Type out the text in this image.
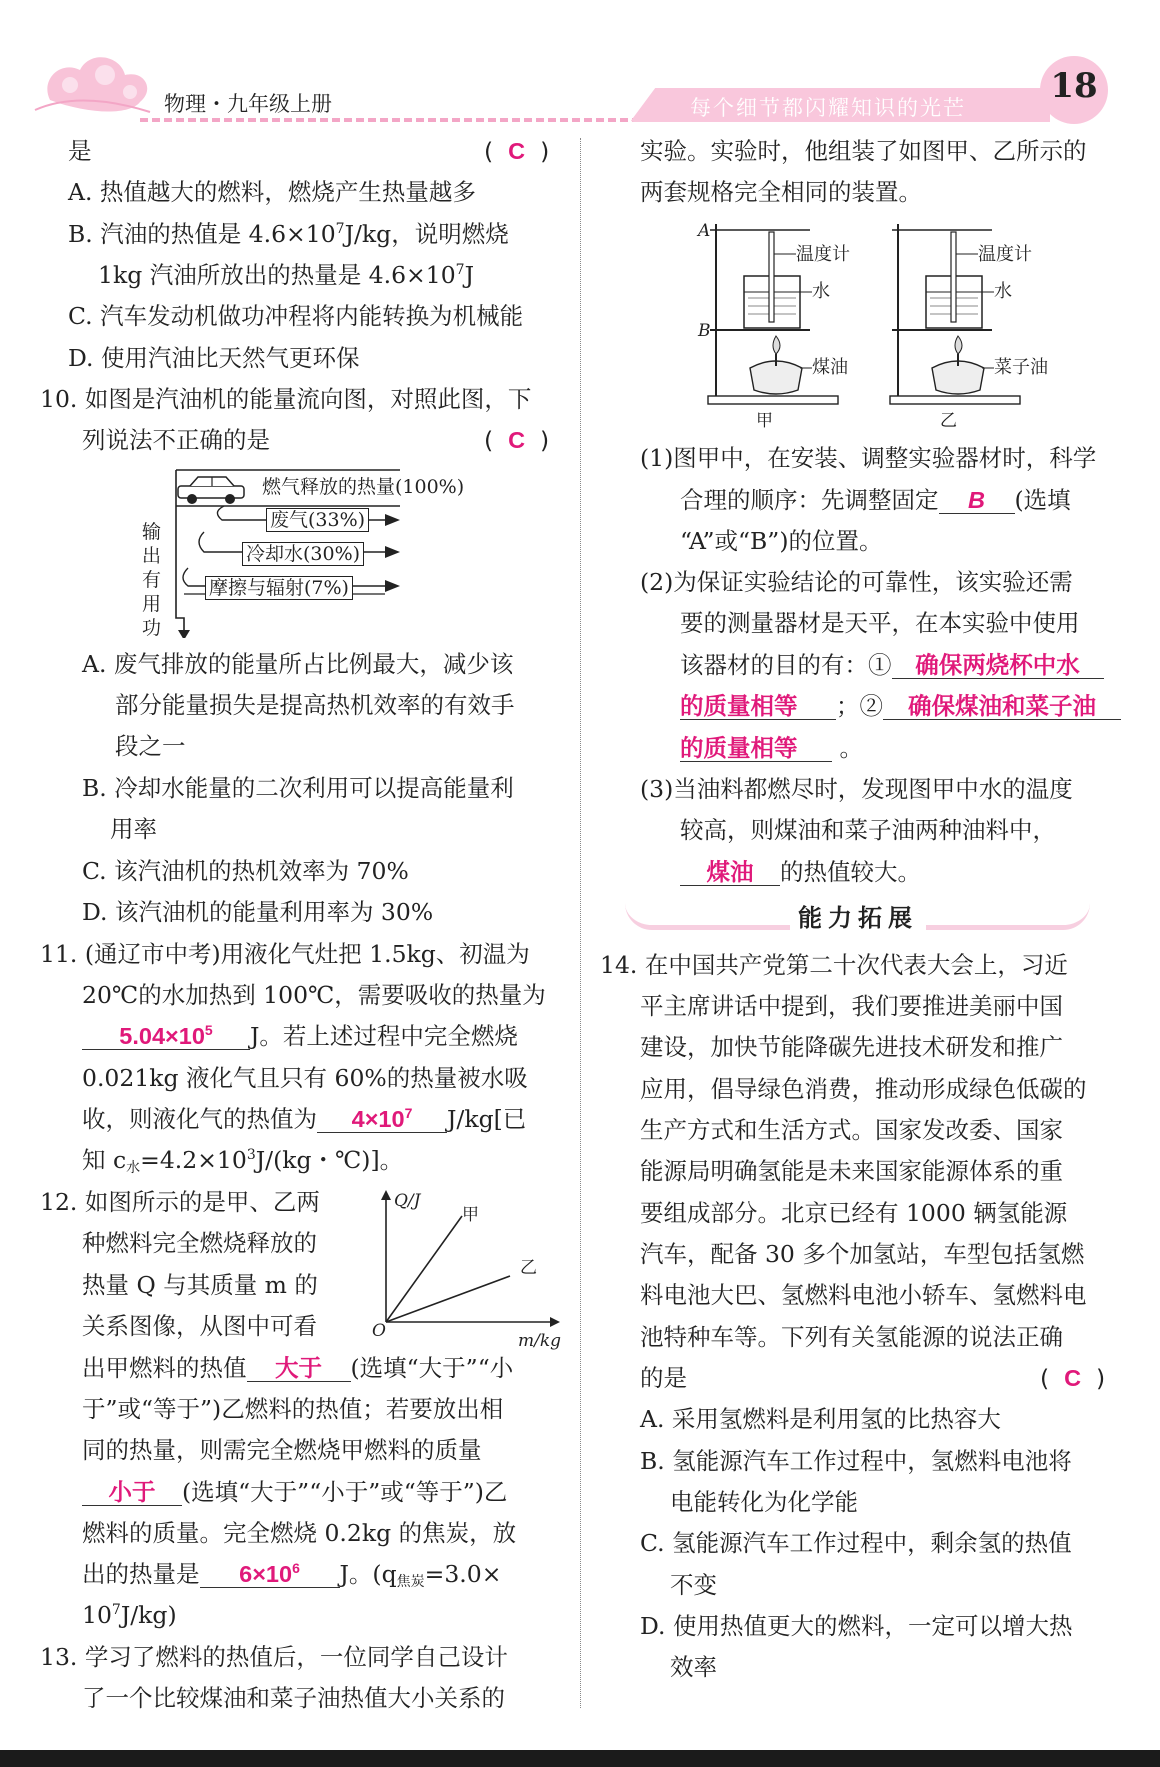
物理・九年级上册	每个细节都闪耀知识的光芒
18
是	( C )
A. 热值越大的燃料，燃烧产生热量越多
B. 汽油的热值是 $4.6\times 10^7J/kg$，说明燃烧
1kg 汽油所放出的热量是 $4.6\times 10^7J$
C. 汽车发动机做功冲程将内能转换为机械能
D. 使用汽油比天然气更环保
10. 如图是汽油机的能量流向图，对照此图，下
列说法不正确的是	(  C  )
燃气释放的热量(100%)
废气(33%)
冷却水(30%)
摩擦与辐射(7%)
输出有用功
A. 废气排放的能量所占比例最大，减少该
部分能量损失是提高热机效率的有效手
段之一
B. 冷却水能量的二次利用可以提高能量利
用率
C. 该汽油机的热机效率为 70%
D. 该汽油机的能量利用率为 30%
11. (通辽市中考)用液化气灶把 1.5kg、初温为
20℃的水加热到 100℃，需要吸收的热量为
$5.04\times 10^5$ J。若上述过程中完全燃烧
0.021kg 液化气且只有 60%的热量被水吸
收，则液化气的热值为 $4\times 10^7$ J/kg[已
知 $c_水=4.2\times 10^3J/(kg$・℃)]。
12. 如图所示的是甲、乙两
种燃料完全燃烧释放的
热量 Q 与其质量 m 的
关系图像，从图中可看
Q/J
m/kg
O
甲
乙
出甲燃料的热值 大于 (选填“大于”“小
于”或“等于”)乙燃料的热值；若要放出相
同的热量，则需完全燃烧甲燃料的质量
小于 (选填“大于”“小于”或“等于”)乙
燃料的质量。完全燃烧 0.2kg 的焦炭，放
出的热量是 $6\times 10^6$ J。($q_{焦炭}=3.0\times$
$10^7J/kg$)
13. 学习了燃料的热值后，一位同学自己设计
了一个比较煤油和菜子油热值大小关系的
实验。实验时，他组装了如图甲、乙所示的
两套规格完全相同的装置。
A
B
温度计
水
煤油
甲
温度计
水
菜子油
乙
(1)图甲中，在安装、调整实验器材时，科学
合理的顺序：先调整固定 B (选填
“A”或“B”)的位置。
(2)为保证实验结论的可靠性，该实验还需
要的测量器材是天平，在本实验中使用
该器材的目的有：① 确保两烧杯中水
的质量相等 ；② 确保煤油和菜子油
的质量相等 。
(3)当油料都燃尽时，发现图甲中水的温度
较高，则煤油和菜子油两种油料中，
煤油 的热值较大。
能力拓展
14. 在中国共产党第二十次代表大会上，习近
平主席讲话中提到，我们要推进美丽中国
建设，加快节能降碳先进技术研发和推广
应用，倡导绿色消费，推动形成绿色低碳的
生产方式和生活方式。国家发改委、国家
能源局明确氢能是未来国家能源体系的重
要组成部分。北京已经有 1000 辆氢能源
汽车，配备 30 多个加氢站，车型包括氢燃
料电池大巴、氢燃料电池小轿车、氢燃料电
池特种车等。下列有关氢能源的说法正确
的是	(  C  )
A. 采用氢燃料是利用氢的比热容大
B. 氢能源汽车工作过程中，氢燃料电池将
电能转化为化学能
C. 氢能源汽车工作过程中，剩余氢的热值
不变
D. 使用热值更大的燃料，一定可以增大热
效率
